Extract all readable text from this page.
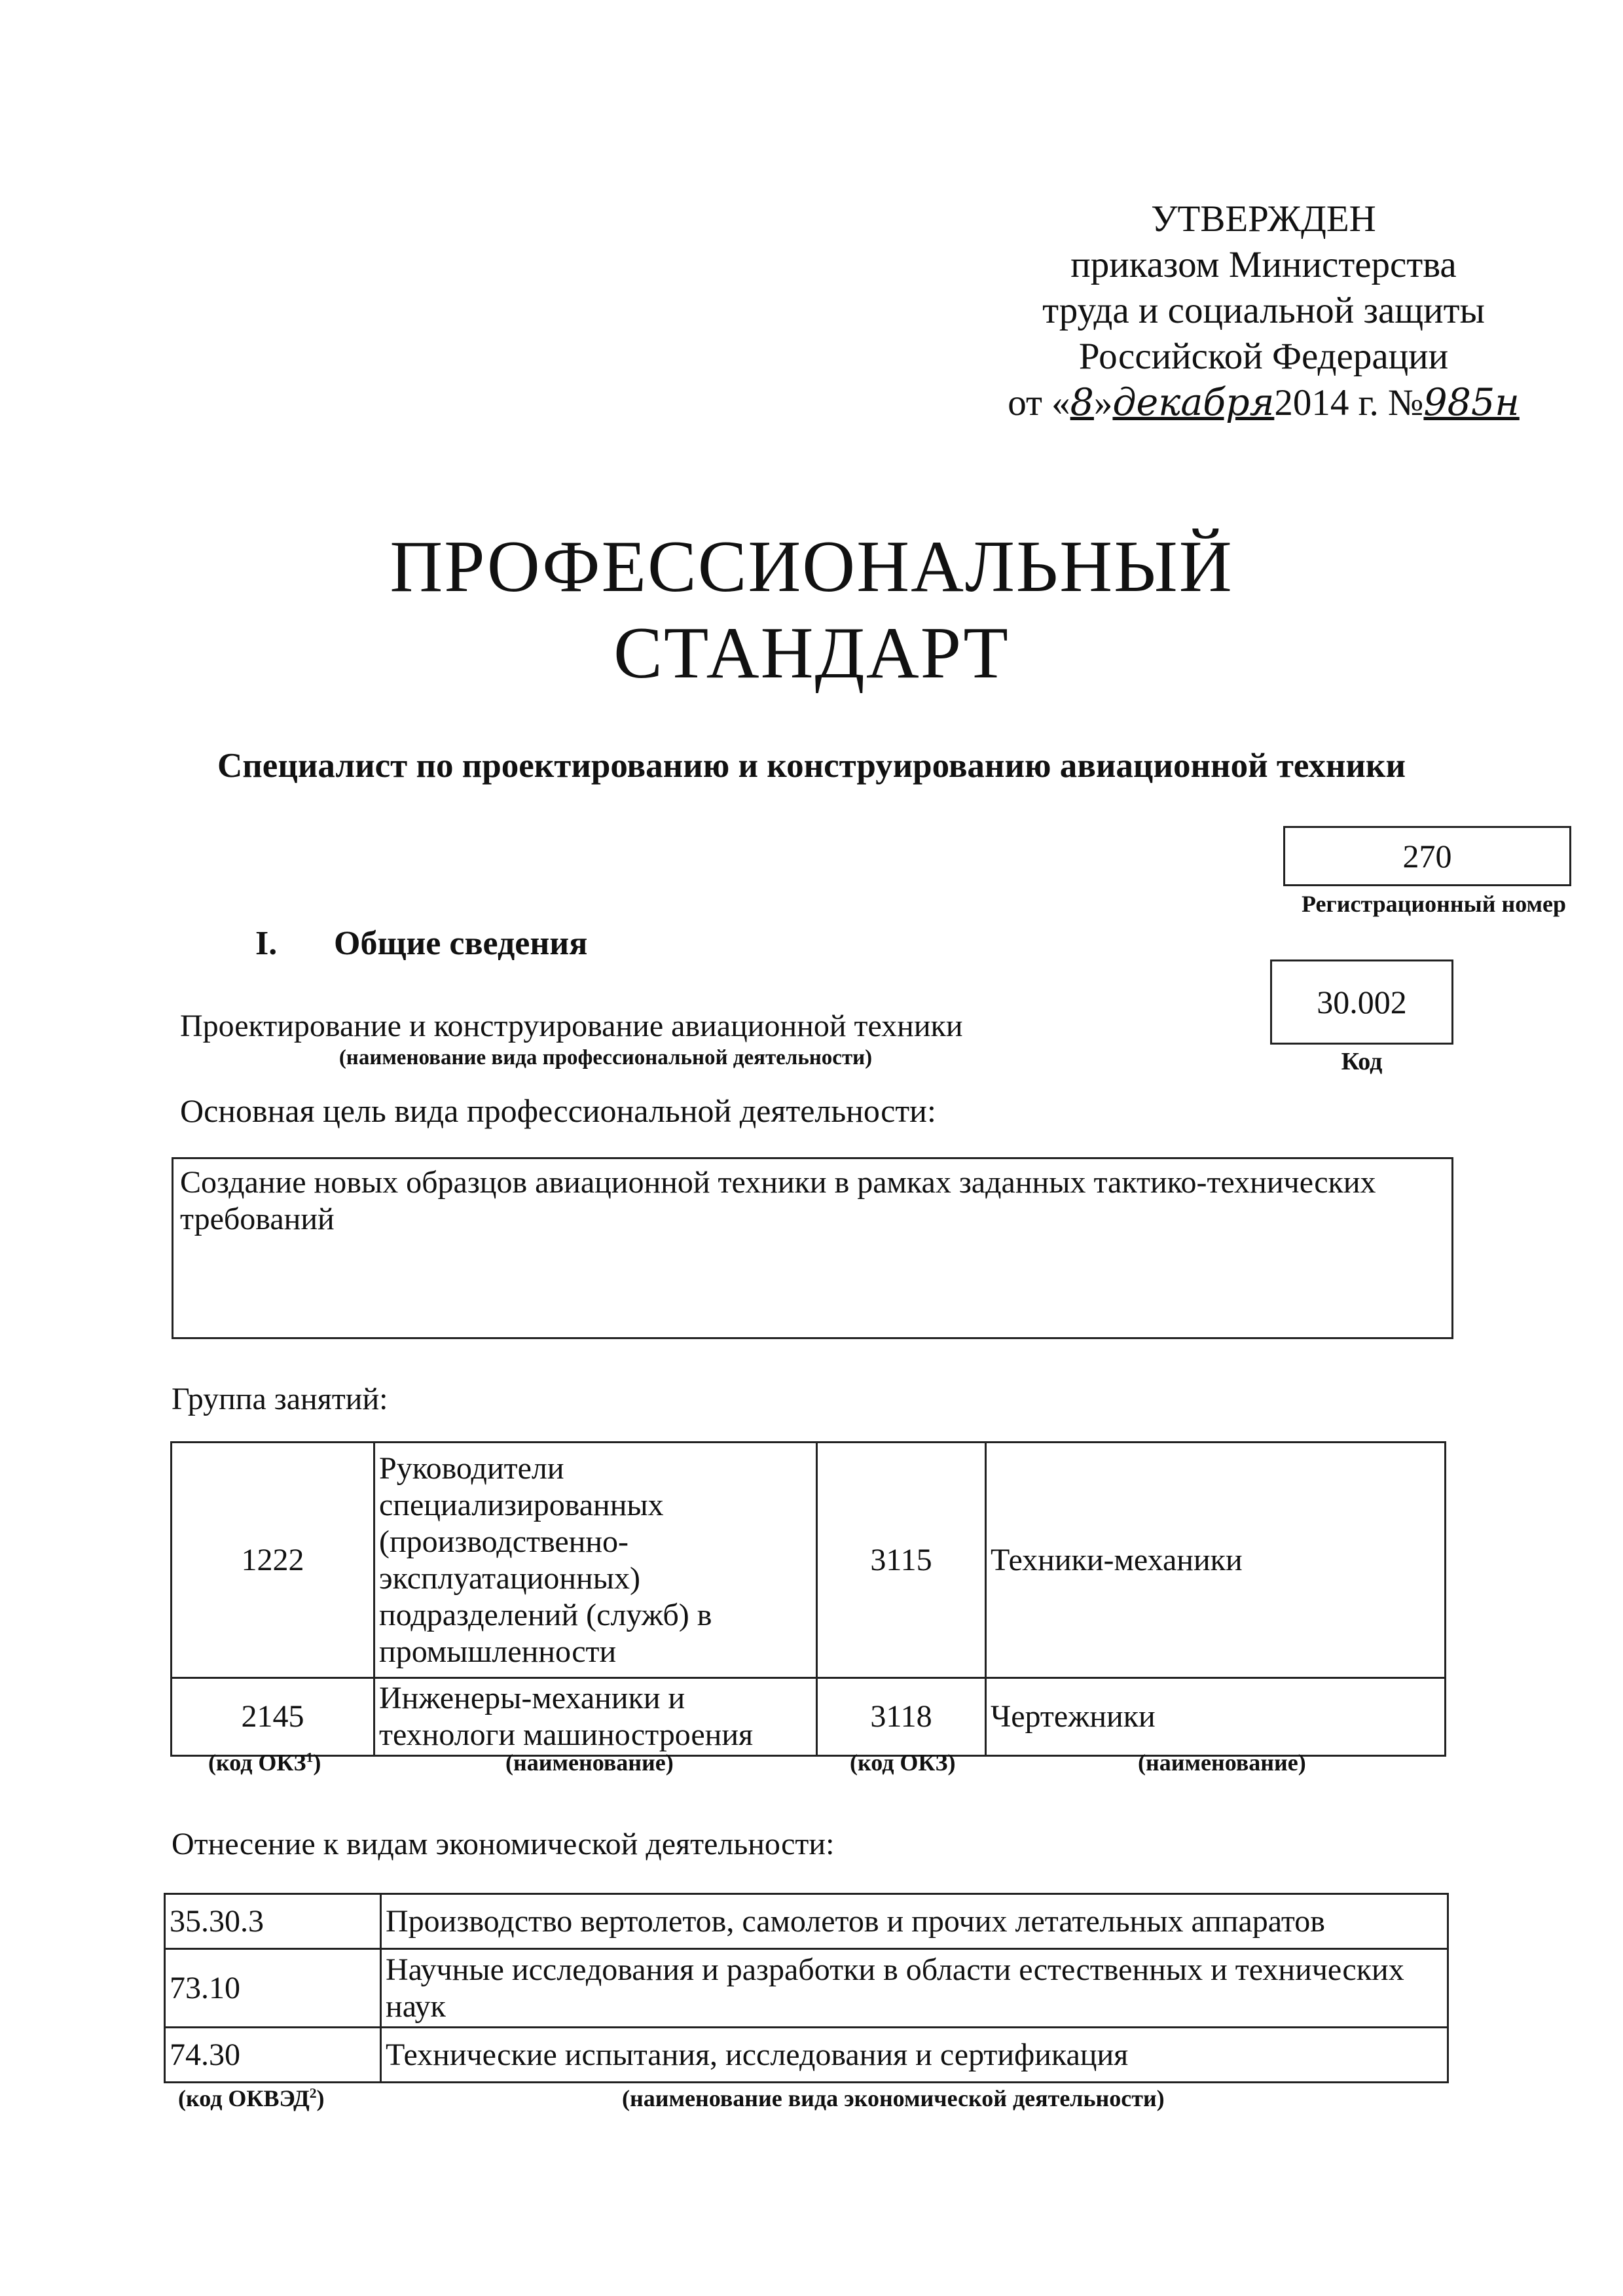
УТВЕРЖДЕН
приказом Министерства
труда и социальной защиты
Российской Федерации
от «8»декабря2014 г. №985н
ПРОФЕССИОНАЛЬНЫЙ
СТАНДАРТ
Специалист по проектированию и конструированию авиационной техники
270
Регистрационный номер
I. Общие сведения
30.002
Код
Проектирование и конструирование авиационной техники
(наименование вида профессиональной деятельности)
Основная цель вида профессиональной деятельности:
Создание новых образцов авиационной техники в рамках заданных тактико-технических требований
Группа занятий:
1222	Руководители специализированных (производственно-эксплуатационных) подразделений (служб) в промышленности	3115	Техники-механики
2145	Инженеры-механики и технологи машиностроения	3118	Чертежники
(код ОКЗ$^1$)	(наименование)	(код ОКЗ)	(наименование)
Отнесение к видам экономической деятельности:
35.30.3	Производство вертолетов, самолетов и прочих летательных аппаратов
73.10	Научные исследования и разработки в области естественных и технических наук
74.30	Технические испытания, исследования и сертификация
(код ОКВЭД$^2$)	(наименование вида экономической деятельности)
